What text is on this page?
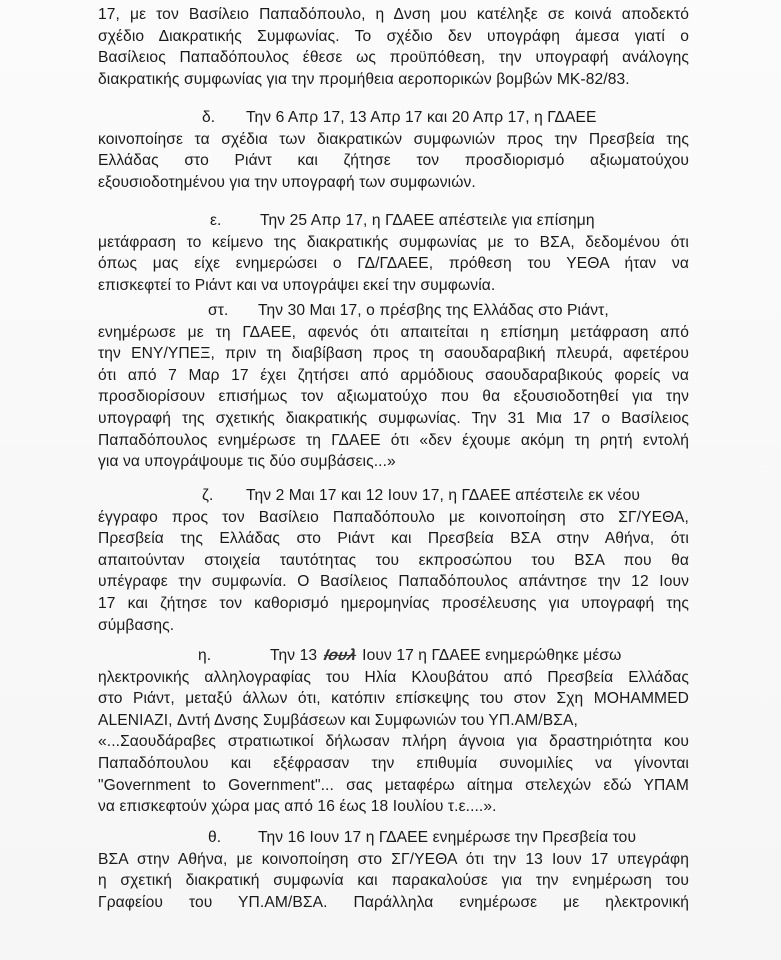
17, με τον Βασίλειο Παπαδόπουλο, η Δνση μου κατέληξε σε κοινά αποδεκτό
σχέδιο Διακρατικής Συμφωνίας. Το σχέδιο δεν υπογράφη άμεσα γιατί ο
Βασίλειος Παπαδόπουλος έθεσε ως προϋπόθεση, την υπογραφή ανάλογης
διακρατικής συμφωνίας για την προμήθεια αεροπορικών βομβών ΜΚ-82/83.
δ. Την 6 Απρ 17, 13 Απρ 17 και 20 Απρ 17, η ΓΔΑΕΕ
κοινοποίησε τα σχέδια των διακρατικών συμφωνιών προς την Πρεσβεία της
Ελλάδας στο Ριάντ και ζήτησε τον προσδιορισμό αξιωματούχου
εξουσιοδοτημένου για την υπογραφή των συμφωνιών.
ε. Την 25 Απρ 17, η ΓΔΑΕΕ απέστειλε για επίσημη
μετάφραση το κείμενο της διακρατικής συμφωνίας με το ΒΣΑ, δεδομένου ότι
όπως μας είχε ενημερώσει ο ΓΔ/ΓΔΑΕΕ, πρόθεση του ΥΕΘΑ ήταν να
επισκεφτεί το Ριάντ και να υπογράψει εκεί την συμφωνία.
στ. Την 30 Μαι 17, ο πρέσβης της Ελλάδας στο Ριάντ,
ενημέρωσε με τη ΓΔΑΕΕ, αφενός ότι απαιτείται η επίσημη μετάφραση από
την ΕΝΥ/ΥΠΕΞ, πριν τη διαβίβαση προς τη σαουδαραβική πλευρά, αφετέρου
ότι από 7 Μαρ 17 έχει ζητήσει από αρμόδιους σαουδαραβικούς φορείς να
προσδιορίσουν επισήμως τον αξιωματούχο που θα εξουσιοδοτηθεί για την
υπογραφή της σχετικής διακρατικής συμφωνίας. Την 31 Μια 17 ο Βασίλειος
Παπαδόπουλος ενημέρωσε τη ΓΔΑΕΕ ότι «δεν έχουμε ακόμη τη ρητή εντολή
για να υπογράψουμε τις δύο συμβάσεις...»
ζ. Την 2 Μαι 17 και 12 Ιουν 17, η ΓΔΑΕΕ απέστειλε εκ νέου
έγγραφο προς τον Βασίλειο Παπαδόπουλο με κοινοποίηση στο ΣΓ/ΥΕΘΑ,
Πρεσβεία της Ελλάδας στο Ριάντ και Πρεσβεία ΒΣΑ στην Αθήνα, ότι
απαιτούνταν στοιχεία ταυτότητας του εκπροσώπου του ΒΣΑ που θα
υπέγραφε την συμφωνία. Ο Βασίλειος Παπαδόπουλος απάντησε την 12 Ιουν
17 και ζήτησε τον καθορισμό ημερομηνίας προσέλευσης για υπογραφή της
σύμβασης.
η.	Την 13 Ιουλ Ιουν 17 η ΓΔΑΕΕ ενημερώθηκε μέσω
ηλεκτρονικής αλληλογραφίας του Ηλία Κλουβάτου από Πρεσβεία Ελλάδας
στο Ριάντ, μεταξύ άλλων ότι, κατόπιν επίσκεψης του στον Σχη MOHAMMED
ALENIAZI, Δντή Δνσης Συμβάσεων και Συμφωνιών του ΥΠ.ΑΜ/ΒΣΑ,
«...Σαουδάραβες στρατιωτικοί δήλωσαν πλήρη άγνοια για δραστηριότητα κου
Παπαδόπουλου και εξέφρασαν την επιθυμία συνομιλίες να γίνονται
"Government to Government"... σας μεταφέρω αίτημα στελεχών εδώ ΥΠΑΜ
να επισκεφτούν χώρα μας από 16 έως 18 Ιουλίου τ.ε....».
θ. Την 16 Ιουν 17 η ΓΔΑΕΕ ενημέρωσε την Πρεσβεία του
ΒΣΑ στην Αθήνα, με κοινοποίηση στο ΣΓ/ΥΕΘΑ ότι την 13 Ιουν 17 υπεγράφη
η σχετική διακρατική συμφωνία και παρακαλούσε για την ενημέρωση του
Γραφείου του ΥΠ.ΑΜ/ΒΣΑ. Παράλληλα ενημέρωσε με ηλεκτρονική
